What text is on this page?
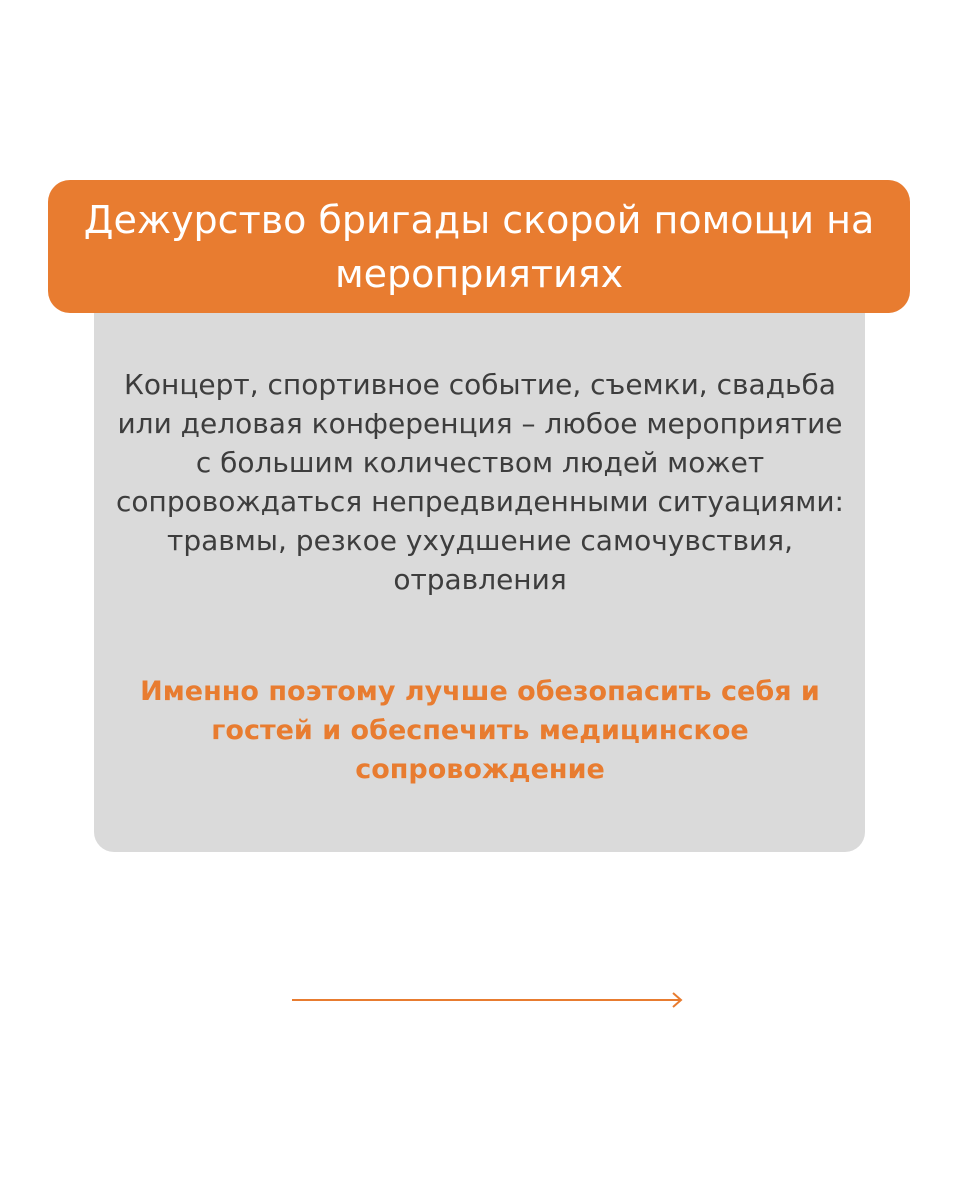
Дежурство бригады скорой помощи на мероприятиях

Концерт, спортивное событие, съемки, свадьба или деловая конференция – любое мероприятие с большим количеством людей может сопровождаться непредвиденными ситуациями: травмы, резкое ухудшение самочувствия, отравления

Именно поэтому лучше обезопасить себя и гостей и обеспечить медицинское сопровождение
